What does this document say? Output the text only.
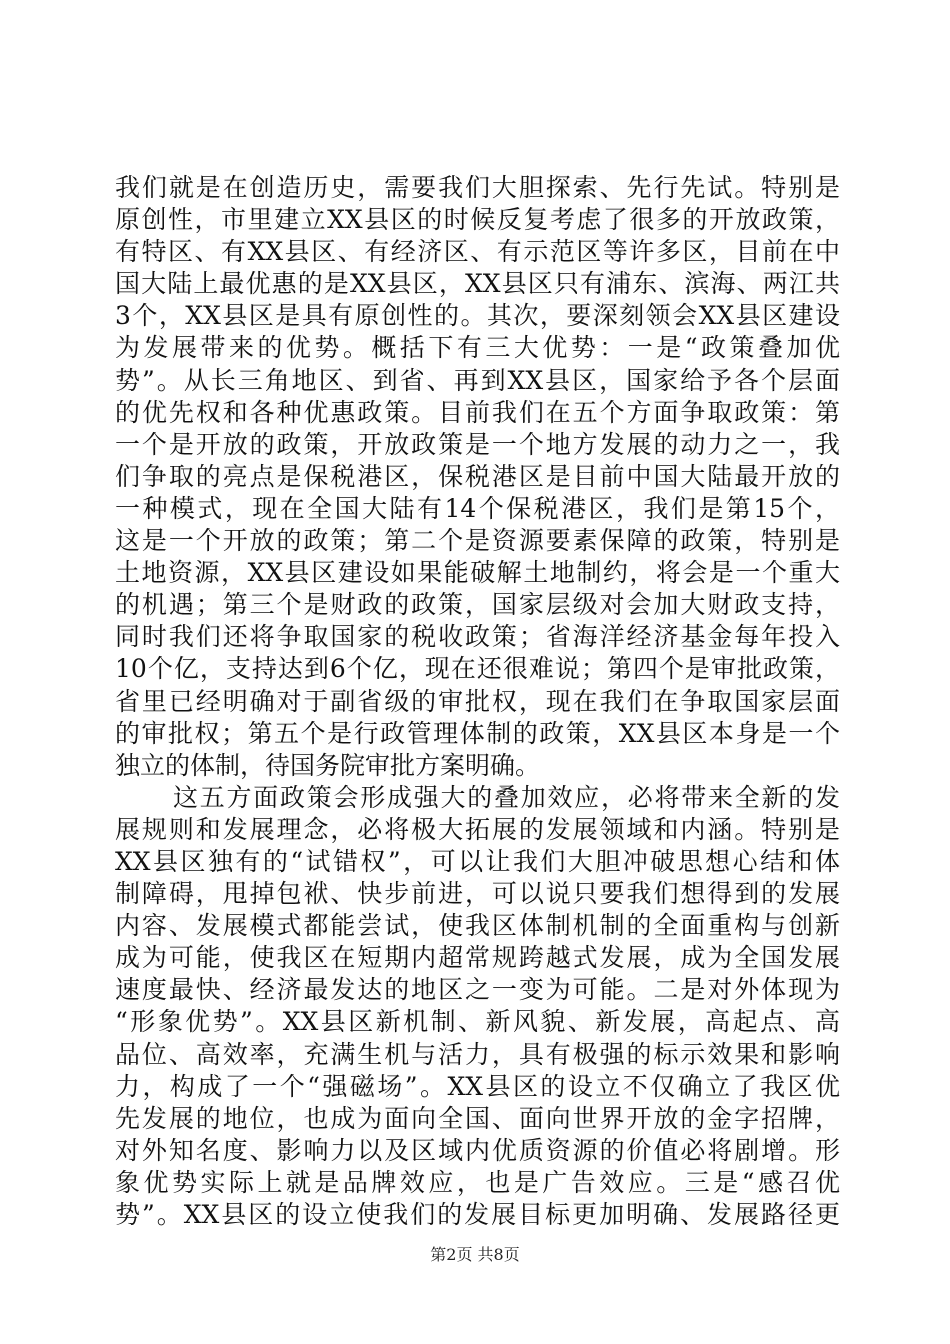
我们就是在创造历史，需要我们大胆探索、先行先试。特别是
原创性，市里建立XX县区的时候反复考虑了很多的开放政策，
有特区、有XX县区、有经济区、有示范区等许多区，目前在中
国大陆上最优惠的是XX县区，XX县区只有浦东、滨海、两江共
3个，XX县区是具有原创性的。其次，要深刻领会XX县区建设
为发展带来的优势。概括下有三大优势：一是“政策叠加优
势”。从长三角地区、到省、再到XX县区，国家给予各个层面
的优先权和各种优惠政策。目前我们在五个方面争取政策：第
一个是开放的政策，开放政策是一个地方发展的动力之一，我
们争取的亮点是保税港区，保税港区是目前中国大陆最开放的
一种模式，现在全国大陆有14个保税港区，我们是第15个，
这是一个开放的政策；第二个是资源要素保障的政策，特别是
土地资源，XX县区建设如果能破解土地制约，将会是一个重大
的机遇；第三个是财政的政策，国家层级对会加大财政支持，
同时我们还将争取国家的税收政策；省海洋经济基金每年投入
10个亿，支持达到6个亿，现在还很难说；第四个是审批政策，
省里已经明确对于副省级的审批权，现在我们在争取国家层面
的审批权；第五个是行政管理体制的政策，XX县区本身是一个
独立的体制，待国务院审批方案明确。
这五方面政策会形成强大的叠加效应，必将带来全新的发
展规则和发展理念，必将极大拓展的发展领域和内涵。特别是
XX县区独有的“试错权”，可以让我们大胆冲破思想心结和体
制障碍，甩掉包袱、快步前进，可以说只要我们想得到的发展
内容、发展模式都能尝试，使我区体制机制的全面重构与创新
成为可能，使我区在短期内超常规跨越式发展，成为全国发展
速度最快、经济最发达的地区之一变为可能。二是对外体现为
“形象优势”。XX县区新机制、新风貌、新发展，高起点、高
品位、高效率，充满生机与活力，具有极强的标示效果和影响
力，构成了一个“强磁场”。XX县区的设立不仅确立了我区优
先发展的地位，也成为面向全国、面向世界开放的金字招牌，
对外知名度、影响力以及区域内优质资源的价值必将剧增。形
象优势实际上就是品牌效应，也是广告效应。三是“感召优
势”。XX县区的设立使我们的发展目标更加明确、发展路径更
第2页 共8页
